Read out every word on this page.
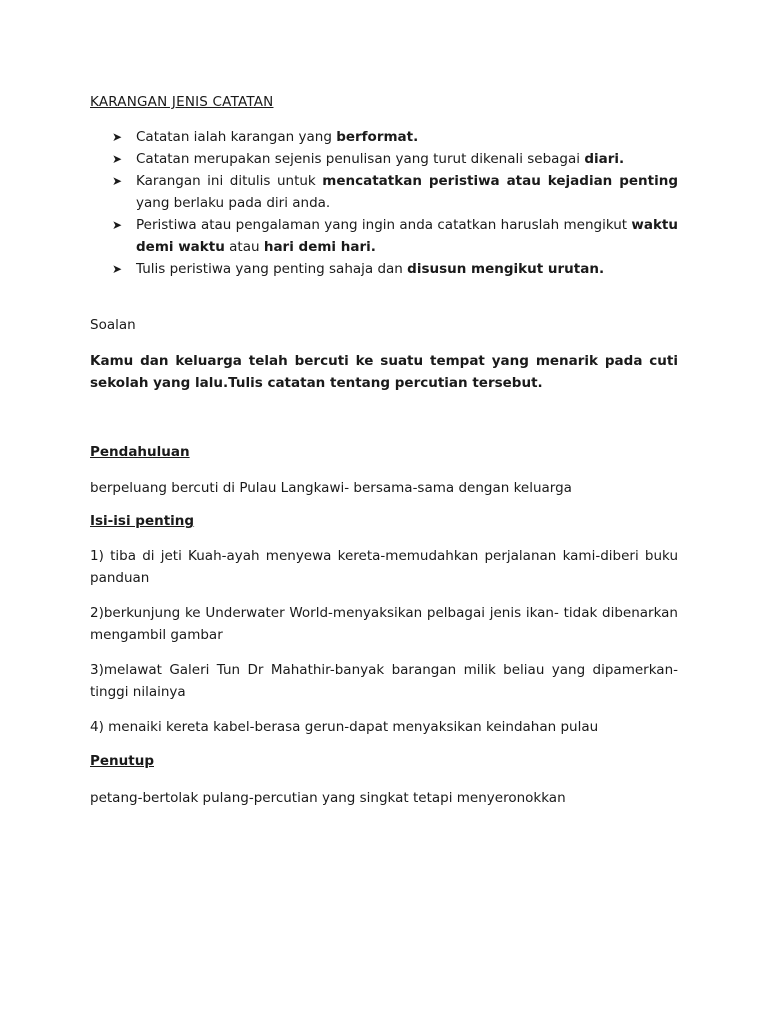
KARANGAN JENIS CATATAN
➤ Catatan ialah karangan yang berformat.
➤ Catatan merupakan sejenis penulisan yang turut dikenali sebagai diari.
➤ Karangan ini ditulis untuk mencatatkan peristiwa atau kejadian penting yang berlaku pada diri anda.
➤ Peristiwa atau pengalaman yang ingin anda catatkan haruslah mengikut waktu demi waktu atau hari demi hari.
➤ Tulis peristiwa yang penting sahaja dan disusun mengikut urutan.
Soalan
Kamu dan keluarga telah bercuti ke suatu tempat yang menarik pada cuti sekolah yang lalu.Tulis catatan tentang percutian tersebut.
Pendahuluan
berpeluang bercuti di Pulau Langkawi- bersama-sama dengan keluarga
Isi-isi penting
1) tiba di jeti Kuah-ayah menyewa kereta-memudahkan perjalanan kami-diberi buku panduan
2)berkunjung ke Underwater World-menyaksikan pelbagai jenis ikan- tidak dibenarkan mengambil gambar
3)melawat Galeri Tun Dr Mahathir-banyak barangan milik beliau yang dipamerkan-tinggi nilainya
4) menaiki kereta kabel-berasa gerun-dapat menyaksikan keindahan pulau
Penutup
petang-bertolak pulang-percutian yang singkat tetapi menyeronokkan
